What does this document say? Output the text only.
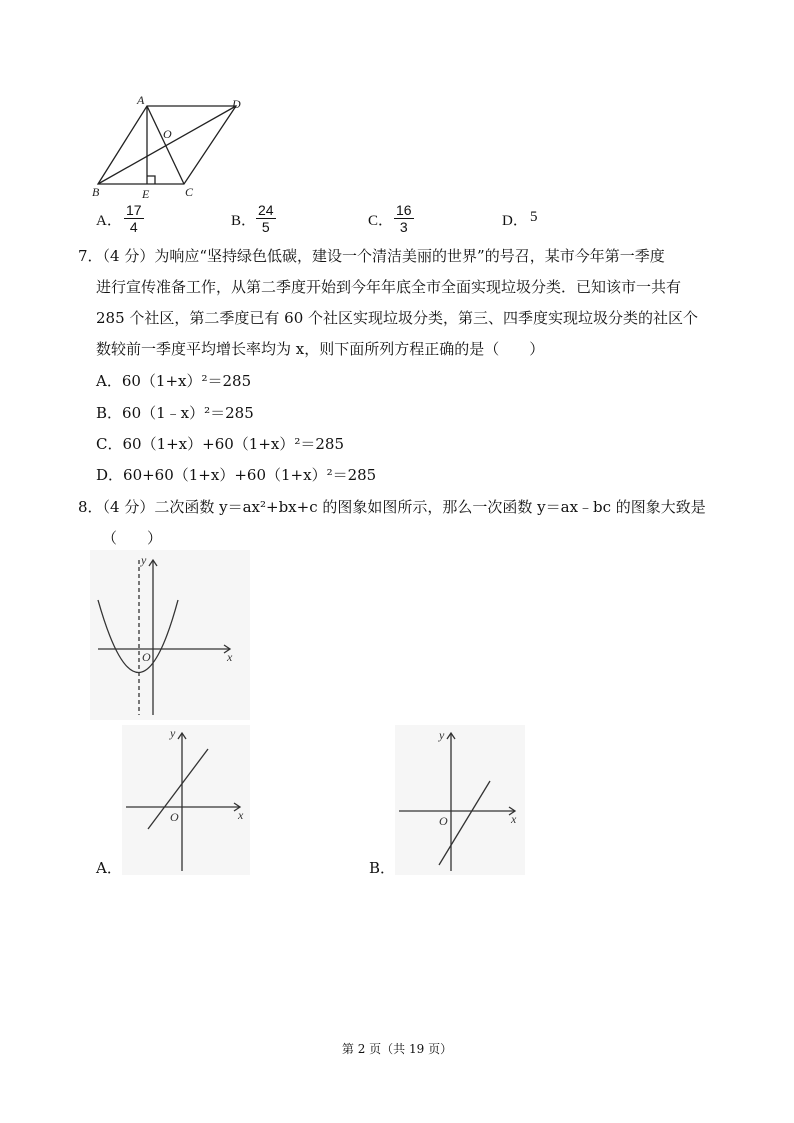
A	D
O
B	E	C
A． $\frac{17}{4}$	B． $\frac{24}{5}$	C． $\frac{16}{3}$	D． 5
7．（4 分）为响应“坚持绿色低碳，建设一个清洁美丽的世界”的号召，某市今年第一季度
进行宣传准备工作，从第二季度开始到今年年底全市全面实现垃圾分类．已知该市一共有
285 个社区，第二季度已有 60 个社区实现垃圾分类，第三、四季度实现垃圾分类的社区个
数较前一季度平均增长率均为 x，则下面所列方程正确的是（　　）
A．60（1+x）²＝285
B．60（1﹣x）²＝285
C．60（1+x）+60（1+x）²＝285
D．60+60（1+x）+60（1+x）²＝285
8．（4 分）二次函数 y＝ax²+bx+c 的图象如图所示，那么一次函数 y＝ax﹣bc 的图象大致是
（　　）
y
x
O
y
x
O
A．
y
x
O
B．
第 2 页（共 19 页）
